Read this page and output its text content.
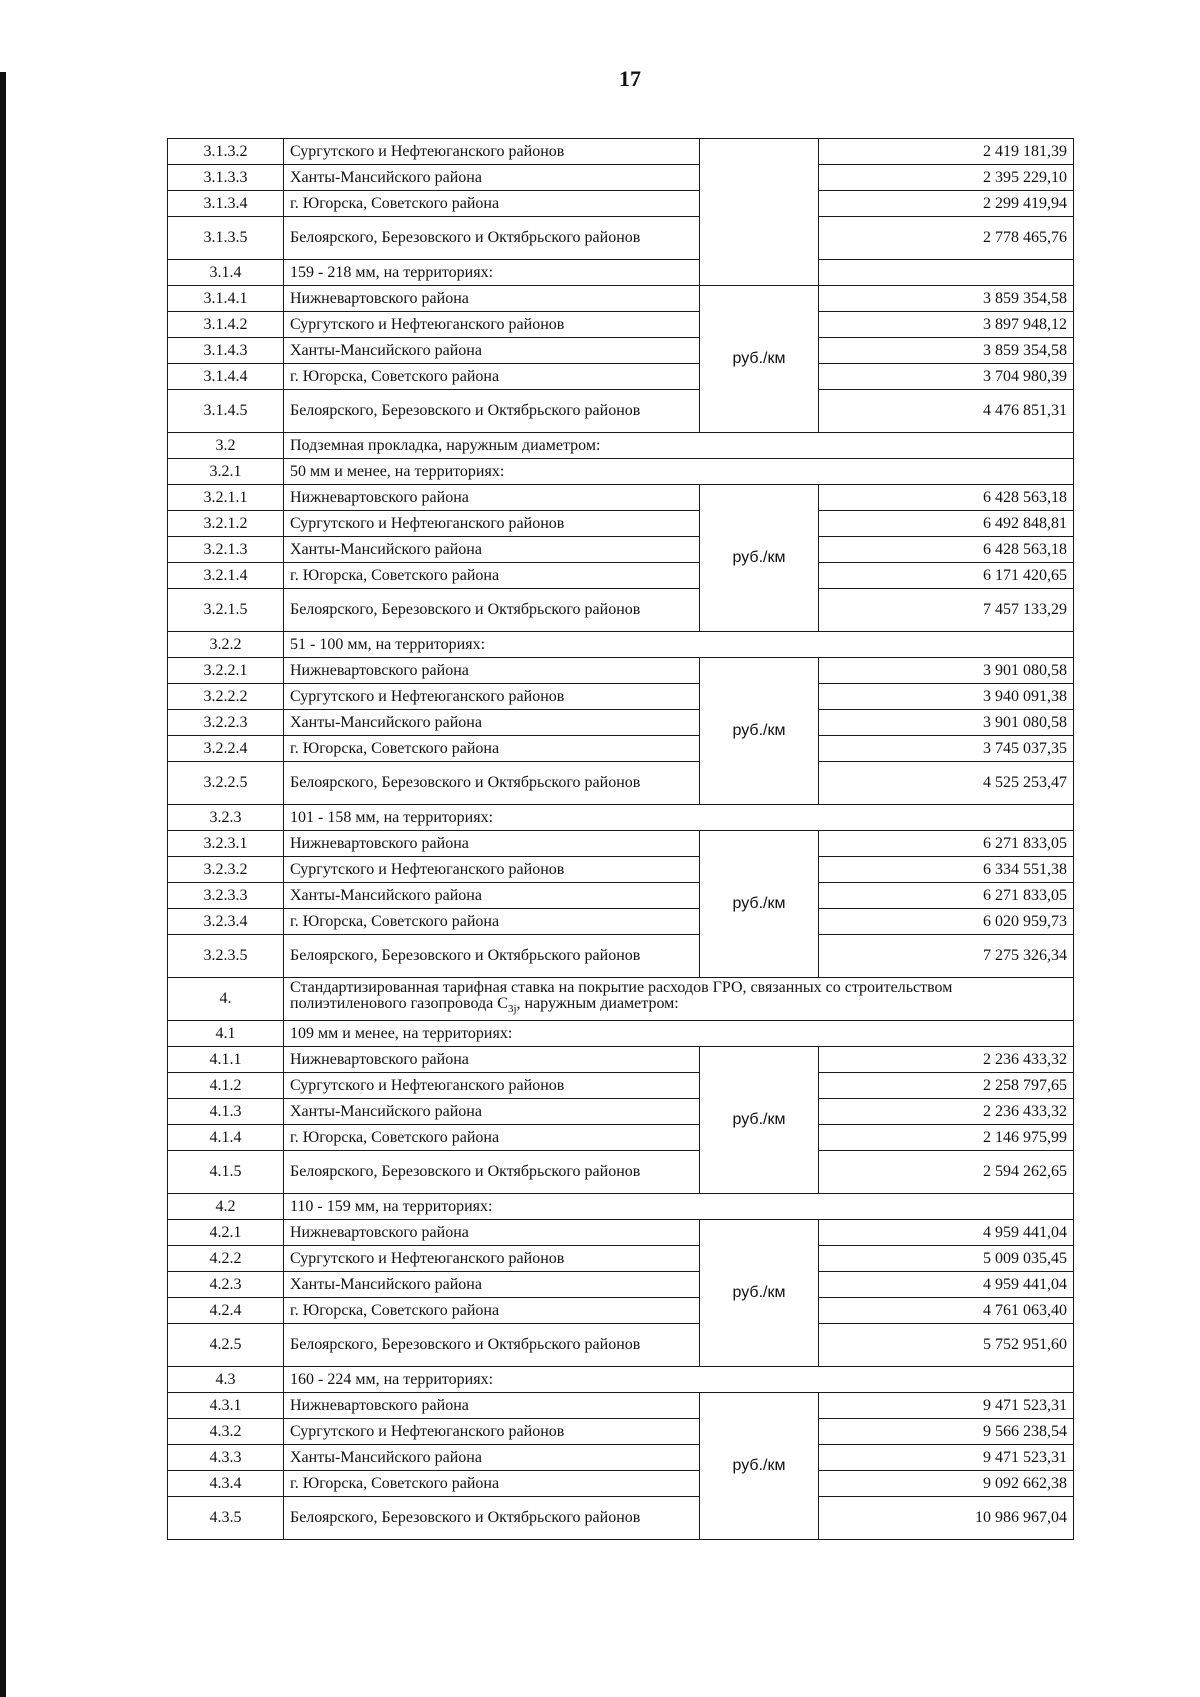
17
3.1.3.2	Сургутского и Нефтеюганского районов		2 419 181,39
3.1.3.3	Ханты-Мансийского района		2 395 229,10
3.1.3.4	г. Югорска, Советского района		2 299 419,94
3.1.3.5	Белоярского, Березовского и Октябрьского районов		2 778 465,76
3.1.4	159 - 218 мм, на территориях:		
3.1.4.1	Нижневартовского района	руб./км	3 859 354,58
3.1.4.2	Сургутского и Нефтеюганского районов		3 897 948,12
3.1.4.3	Ханты-Мансийского района		3 859 354,58
3.1.4.4	г. Югорска, Советского района		3 704 980,39
3.1.4.5	Белоярского, Березовского и Октябрьского районов		4 476 851,31
3.2	Подземная прокладка, наружным диаметром:		
3.2.1	50 мм и менее, на территориях:		
3.2.1.1	Нижневартовского района	руб./км	6 428 563,18
3.2.1.2	Сургутского и Нефтеюганского районов		6 492 848,81
3.2.1.3	Ханты-Мансийского района		6 428 563,18
3.2.1.4	г. Югорска, Советского района		6 171 420,65
3.2.1.5	Белоярского, Березовского и Октябрьского районов		7 457 133,29
3.2.2	51 - 100 мм, на территориях:		
3.2.2.1	Нижневартовского района	руб./км	3 901 080,58
3.2.2.2	Сургутского и Нефтеюганского районов		3 940 091,38
3.2.2.3	Ханты-Мансийского района		3 901 080,58
3.2.2.4	г. Югорска, Советского района		3 745 037,35
3.2.2.5	Белоярского, Березовского и Октябрьского районов		4 525 253,47
3.2.3	101 - 158 мм, на территориях:		
3.2.3.1	Нижневартовского района	руб./км	6 271 833,05
3.2.3.2	Сургутского и Нефтеюганского районов		6 334 551,38
3.2.3.3	Ханты-Мансийского района		6 271 833,05
3.2.3.4	г. Югорска, Советского района		6 020 959,73
3.2.3.5	Белоярского, Березовского и Октябрьского районов		7 275 326,34
4.	Стандартизированная тарифная ставка на покрытие расходов ГРО, связанных со строительством полиэтиленового газопровода $C_{3j}$, наружным диаметром:		
4.1	109 мм и менее, на территориях:		
4.1.1	Нижневартовского района	руб./км	2 236 433,32
4.1.2	Сургутского и Нефтеюганского районов		2 258 797,65
4.1.3	Ханты-Мансийского района		2 236 433,32
4.1.4	г. Югорска, Советского района		2 146 975,99
4.1.5	Белоярского, Березовского и Октябрьского районов		2 594 262,65
4.2	110 - 159 мм, на территориях:		
4.2.1	Нижневартовского района	руб./км	4 959 441,04
4.2.2	Сургутского и Нефтеюганского районов		5 009 035,45
4.2.3	Ханты-Мансийского района		4 959 441,04
4.2.4	г. Югорска, Советского района		4 761 063,40
4.2.5	Белоярского, Березовского и Октябрьского районов		5 752 951,60
4.3	160 - 224 мм, на территориях:		
4.3.1	Нижневартовского района	руб./км	9 471 523,31
4.3.2	Сургутского и Нефтеюганского районов		9 566 238,54
4.3.3	Ханты-Мансийского района		9 471 523,31
4.3.4	г. Югорска, Советского района		9 092 662,38
4.3.5	Белоярского, Березовского и Октябрьского районов		10 986 967,04
